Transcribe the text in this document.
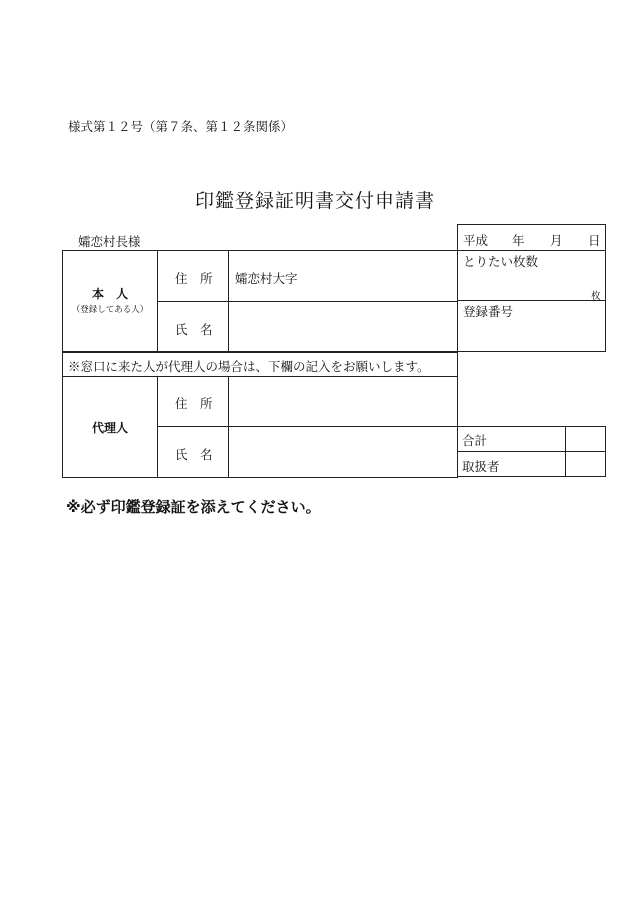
様式第１２号（第７条、第１２条関係）
印鑑登録証明書交付申請書
孀恋村長様	平成 年 月 日
本　人
（登録してある人）
住　所 孀恋村大字
氏　名
※窓口に来た人が代理人の場合は、下欄の記入をお願いします。
代理人
住　所
氏　名
とりたい枚数
枚
登録番号
合計
取扱者
※必ず印鑑登録証を添えてください。
